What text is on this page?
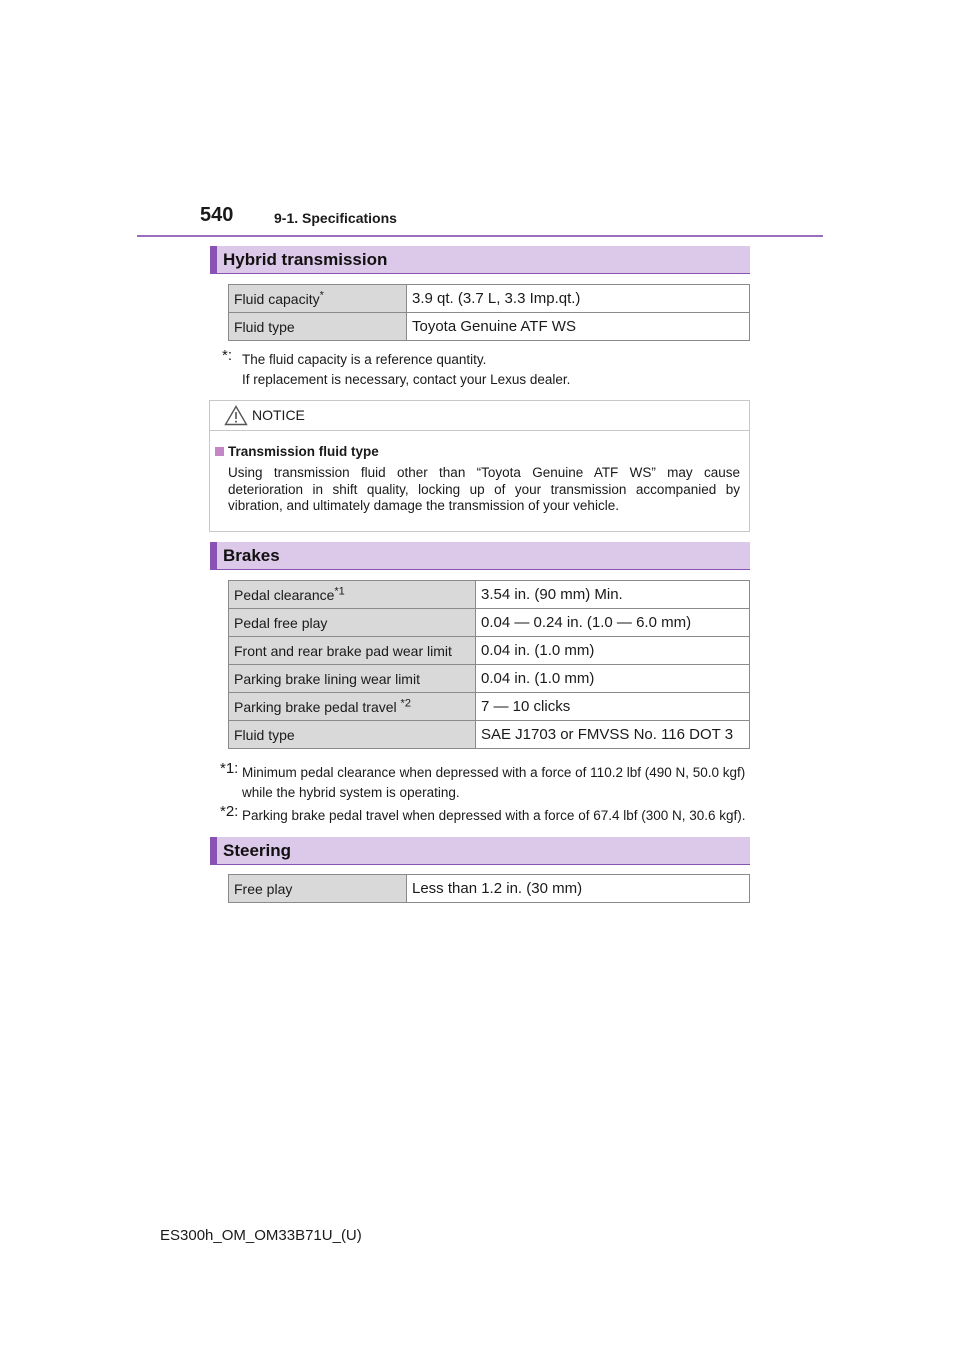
540	9-1. Specifications
Hybrid transmission
Fluid capacity*	3.9 qt. (3.7 L, 3.3 Imp.qt.)
Fluid type	Toyota Genuine ATF WS
*: The fluid capacity is a reference quantity.
If replacement is necessary, contact your Lexus dealer.
NOTICE
Transmission fluid type
Using transmission fluid other than “Toyota Genuine ATF WS” may cause deterioration in shift quality, locking up of your transmission accompanied by vibration, and ultimately damage the transmission of your vehicle.
Brakes
Pedal clearance$^{*1}$	3.54 in. (90 mm) Min.
Pedal free play	0.04 — 0.24 in. (1.0 — 6.0 mm)
Front and rear brake pad wear limit	0.04 in. (1.0 mm)
Parking brake lining wear limit	0.04 in. (1.0 mm)
Parking brake pedal travel $^{*2}$	7 — 10 clicks
Fluid type	SAE J1703 or FMVSS No. 116 DOT 3
*1: Minimum pedal clearance when depressed with a force of 110.2 lbf (490 N, 50.0 kgf)
while the hybrid system is operating.
*2: Parking brake pedal travel when depressed with a force of 67.4 lbf (300 N, 30.6 kgf).
Steering
Free play	Less than 1.2 in. (30 mm)
ES300h_OM_OM33B71U_(U)
